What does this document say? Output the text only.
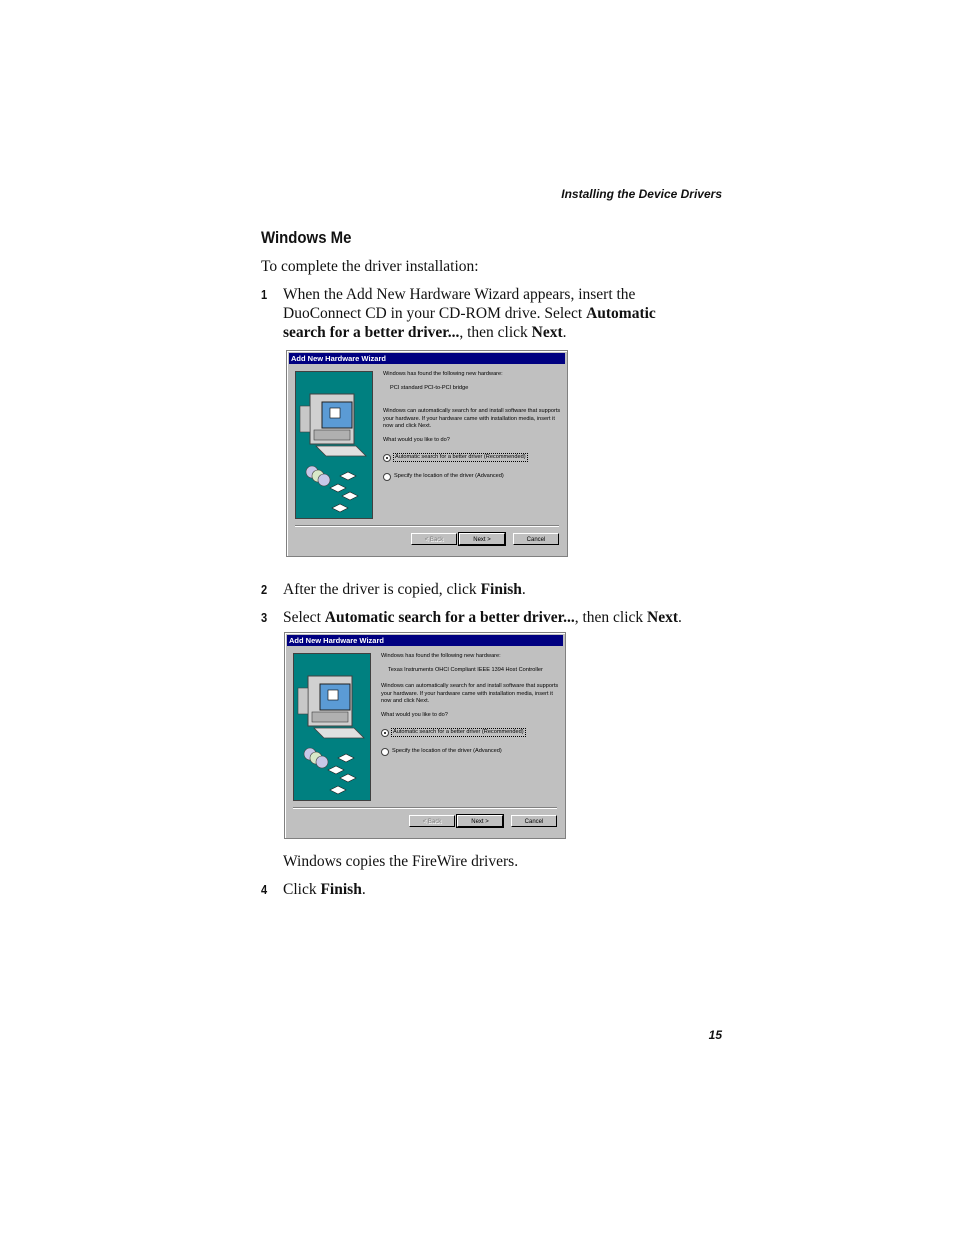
Installing the Device Drivers
Windows Me
To complete the driver installation:
1 When the Add New Hardware Wizard appears, insert the DuoConnect CD in your CD-ROM drive. Select Automatic search for a better driver..., then click Next.
Add New Hardware Wizard

Windows has found the following new hardware:

PCI standard PCI-to-PCI bridge

Windows can automatically search for and install software that supports your hardware. If your hardware came with installation media, insert it now and click Next.

What would you like to do?

Automatic search for a better driver (Recommended)
Specify the location of the driver (Advanced)
< Back	Next >	Cancel
2 After the driver is copied, click Finish.
3 Select Automatic search for a better driver..., then click Next.
Add New Hardware Wizard

Windows has found the following new hardware:

Texas Instruments OHCI Compliant IEEE 1394 Host Controller

Windows can automatically search for and install software that supports your hardware. If your hardware came with installation media, insert it now and click Next.

What would you like to do?

Automatic search for a better driver (Recommended)
Specify the location of the driver (Advanced)
< Back	Next >	Cancel
Windows copies the FireWire drivers.
4 Click Finish.
15
